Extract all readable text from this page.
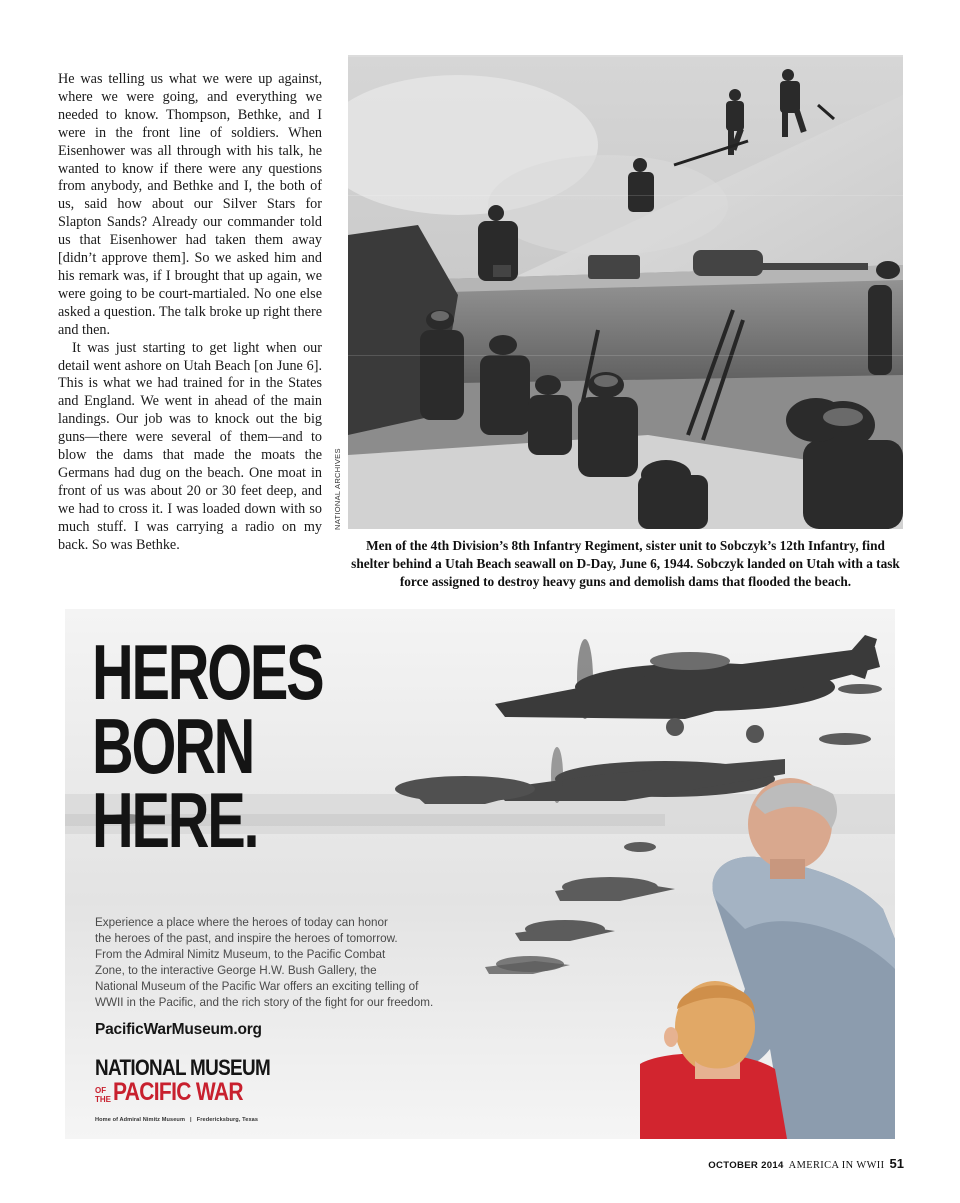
He was telling us what we were up against, where we were going, and everything we needed to know. Thompson, Bethke, and I were in the front line of soldiers. When Eisenhower was all through with his talk, he wanted to know if there were any questions from anybody, and Bethke and I, the both of us, said how about our Silver Stars for Slapton Sands? Already our commander told us that Eisenhower had taken them away [didn’t approve them]. So we asked him and his remark was, if I brought that up again, we were going to be court-martialed. No one else asked a question. The talk broke up right there and then.

It was just starting to get light when our detail went ashore on Utah Beach [on June 6]. This is what we had trained for in the States and England. We went in ahead of the main landings. Our job was to knock out the big guns—there were several of them—and to blow the dams that made the moats the Germans had dug on the beach. One moat in front of us was about 20 or 30 feet deep, and we had to cross it. I was loaded down with so much stuff. I was carrying a radio on my back. So was Bethke.

NATIONAL ARCHIVES
Men of the 4th Division’s 8th Infantry Regiment, sister unit to Sobczyk’s 12th Infantry, find shelter behind a Utah Beach seawall on D-Day, June 6, 1944. Sobczyk landed on Utah with a task force assigned to destroy heavy guns and demolish dams that flooded the beach.
HEROES
BORN
HERE.
Experience a place where the heroes of today can honor
the heroes of the past, and inspire the heroes of tomorrow.
From the Admiral Nimitz Museum, to the Pacific Combat
Zone, to the interactive George H.W. Bush Gallery, the
National Museum of the Pacific War offers an exciting telling of
WWII in the Pacific, and the rich story of the fight for our freedom.
PacificWarMuseum.org
NATIONAL MUSEUM
OF
THE PACIFIC WAR
Home of Admiral Nimitz Museum | Fredericksburg, Texas
OCTOBER 2014 AMERICA IN WWII 51
